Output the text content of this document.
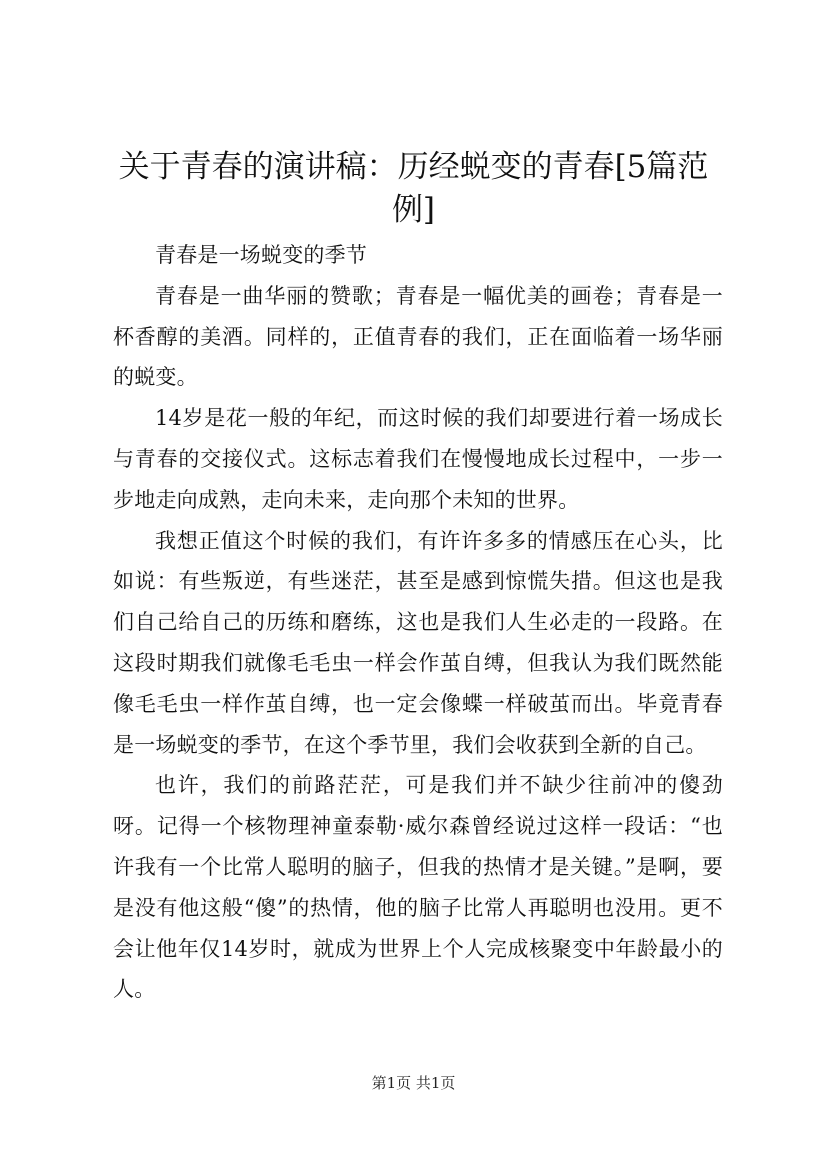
关于青春的演讲稿：历经蜕变的青春[5篇范例]

青春是一场蜕变的季节

青春是一曲华丽的赞歌；青春是一幅优美的画卷；青春是一杯香醇的美酒。同样的，正值青春的我们，正在面临着一场华丽的蜕变。

14岁是花一般的年纪，而这时候的我们却要进行着一场成长与青春的交接仪式。这标志着我们在慢慢地成长过程中，一步一步地走向成熟，走向未来，走向那个未知的世界。

我想正值这个时候的我们，有许许多多的情感压在心头，比如说：有些叛逆，有些迷茫，甚至是感到惊慌失措。但这也是我们自己给自己的历练和磨练，这也是我们人生必走的一段路。在这段时期我们就像毛毛虫一样会作茧自缚，但我认为我们既然能像毛毛虫一样作茧自缚，也一定会像蝶一样破茧而出。毕竟青春是一场蜕变的季节，在这个季节里，我们会收获到全新的自己。

也许，我们的前路茫茫，可是我们并不缺少往前冲的傻劲呀。记得一个核物理神童泰勒·威尔森曾经说过这样一段话：“也许我有一个比常人聪明的脑子，但我的热情才是关键。”是啊，要是没有他这般“傻”的热情，他的脑子比常人再聪明也没用。更不会让他年仅14岁时，就成为世界上个人完成核聚变中年龄最小的人。

第1页 共1页
